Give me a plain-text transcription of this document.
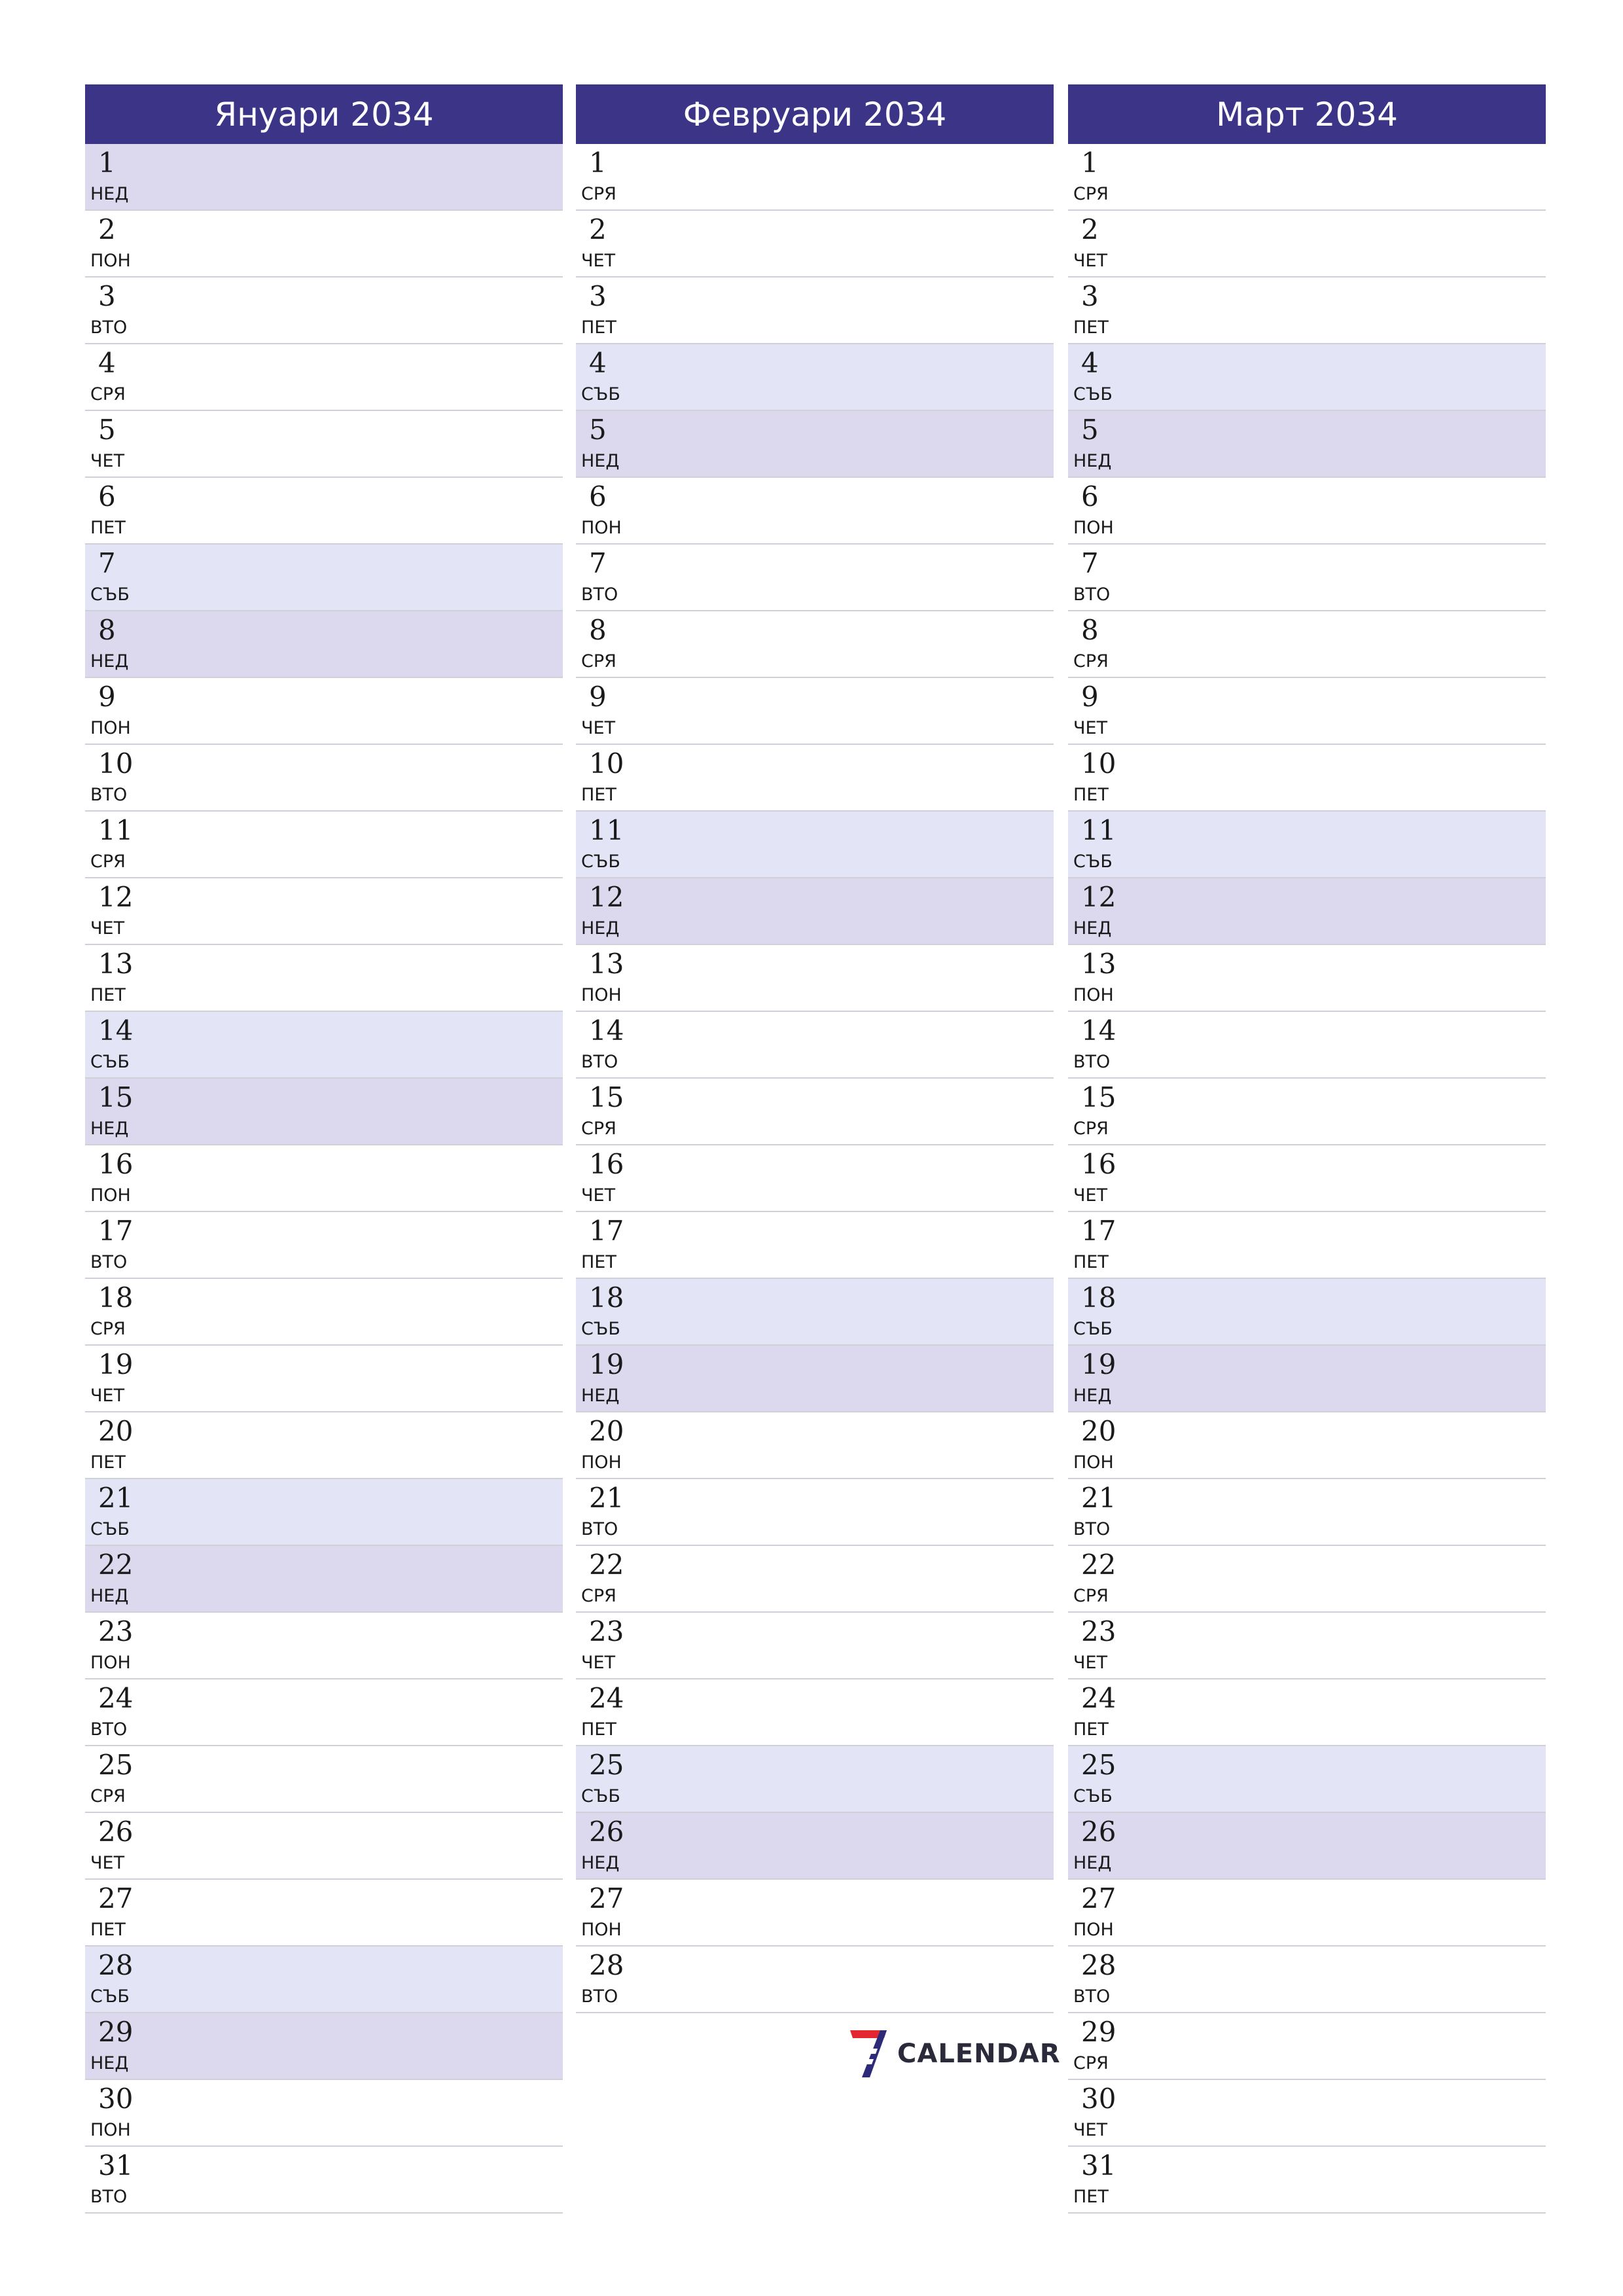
Януари 2034
1
НЕД
2
ПОН
3
ВТО
4
СРЯ
5
ЧЕТ
6
ПЕТ
7
СЪБ
8
НЕД
9
ПОН
10
ВТО
11
СРЯ
12
ЧЕТ
13
ПЕТ
14
СЪБ
15
НЕД
16
ПОН
17
ВТО
18
СРЯ
19
ЧЕТ
20
ПЕТ
21
СЪБ
22
НЕД
23
ПОН
24
ВТО
25
СРЯ
26
ЧЕТ
27
ПЕТ
28
СЪБ
29
НЕД
30
ПОН
31
ВТО
Февруари 2034
1
СРЯ
2
ЧЕТ
3
ПЕТ
4
СЪБ
5
НЕД
6
ПОН
7
ВТО
8
СРЯ
9
ЧЕТ
10
ПЕТ
11
СЪБ
12
НЕД
13
ПОН
14
ВТО
15
СРЯ
16
ЧЕТ
17
ПЕТ
18
СЪБ
19
НЕД
20
ПОН
21
ВТО
22
СРЯ
23
ЧЕТ
24
ПЕТ
25
СЪБ
26
НЕД
27
ПОН
28
ВТО
Март 2034
1
СРЯ
2
ЧЕТ
3
ПЕТ
4
СЪБ
5
НЕД
6
ПОН
7
ВТО
8
СРЯ
9
ЧЕТ
10
ПЕТ
11
СЪБ
12
НЕД
13
ПОН
14
ВТО
15
СРЯ
16
ЧЕТ
17
ПЕТ
18
СЪБ
19
НЕД
20
ПОН
21
ВТО
22
СРЯ
23
ЧЕТ
24
ПЕТ
25
СЪБ
26
НЕД
27
ПОН
28
ВТО
29
СРЯ
30
ЧЕТ
31
ПЕТ
CALENDAR
